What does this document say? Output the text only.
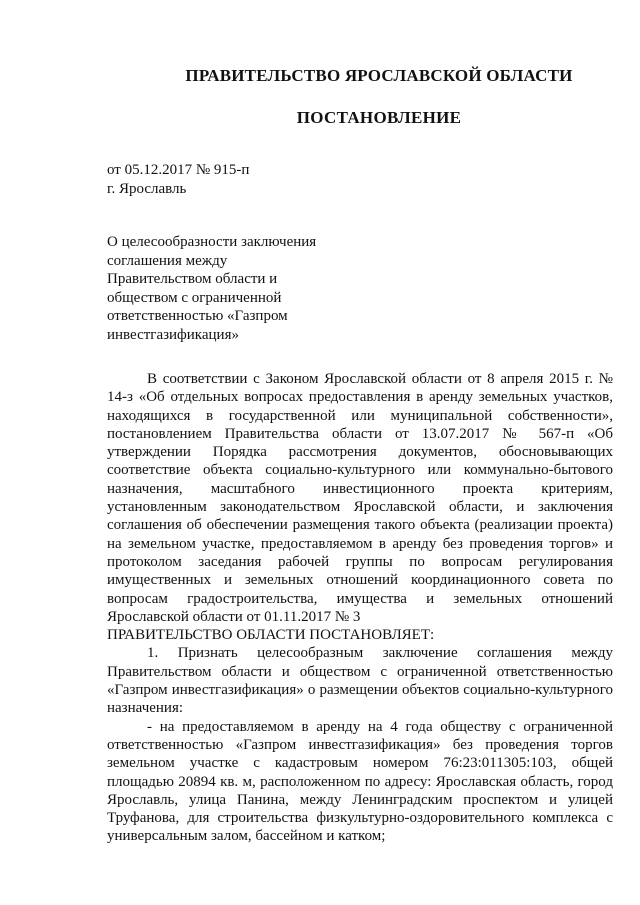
ПРАВИТЕЛЬСТВО ЯРОСЛАВСКОЙ ОБЛАСТИ
ПОСТАНОВЛЕНИЕ
от 05.12.2017 № 915-п
г. Ярославль
О целесообразности заключения
соглашения между
Правительством области и
обществом с ограниченной
ответственностью «Газпром
инвестгазификация»

В соответствии с Законом Ярославской области от 8 апреля 2015 г. № 14-з «Об отдельных вопросах предоставления в аренду земельных участков, находящихся в государственной или муниципальной собственности», постановлением Правительства области от 13.07.2017 № 567-п «Об утверждении Порядка рассмотрения документов, обосновывающих соответствие объекта социально-культурного или коммунально-бытового назначения, масштабного инвестиционного проекта критериям, установленным законодательством Ярославской области, и заключения соглашения об обеспечении размещения такого объекта (реализации проекта) на земельном участке, предоставляемом в аренду без проведения торгов» и протоколом заседания рабочей группы по вопросам регулирования имущественных и земельных отношений координационного совета по вопросам градостроительства, имущества и земельных отношений Ярославской области от 01.11.2017 № 3

ПРАВИТЕЛЬСТВО ОБЛАСТИ ПОСТАНОВЛЯЕТ:

1. Признать целесообразным заключение соглашения между Правительством области и обществом с ограниченной ответственностью «Газпром инвестгазификация» о размещении объектов социально-культурного назначения:

- на предоставляемом в аренду на 4 года обществу с ограниченной ответственностью «Газпром инвестгазификация» без проведения торгов земельном участке с кадастровым номером 76:23:011305:103, общей площадью 20894 кв. м, расположенном по адресу: Ярославская область, город Ярославль, улица Панина, между Ленинградским проспектом и улицей Труфанова, для строительства физкультурно-оздоровительного комплекса с универсальным залом, бассейном и катком;
